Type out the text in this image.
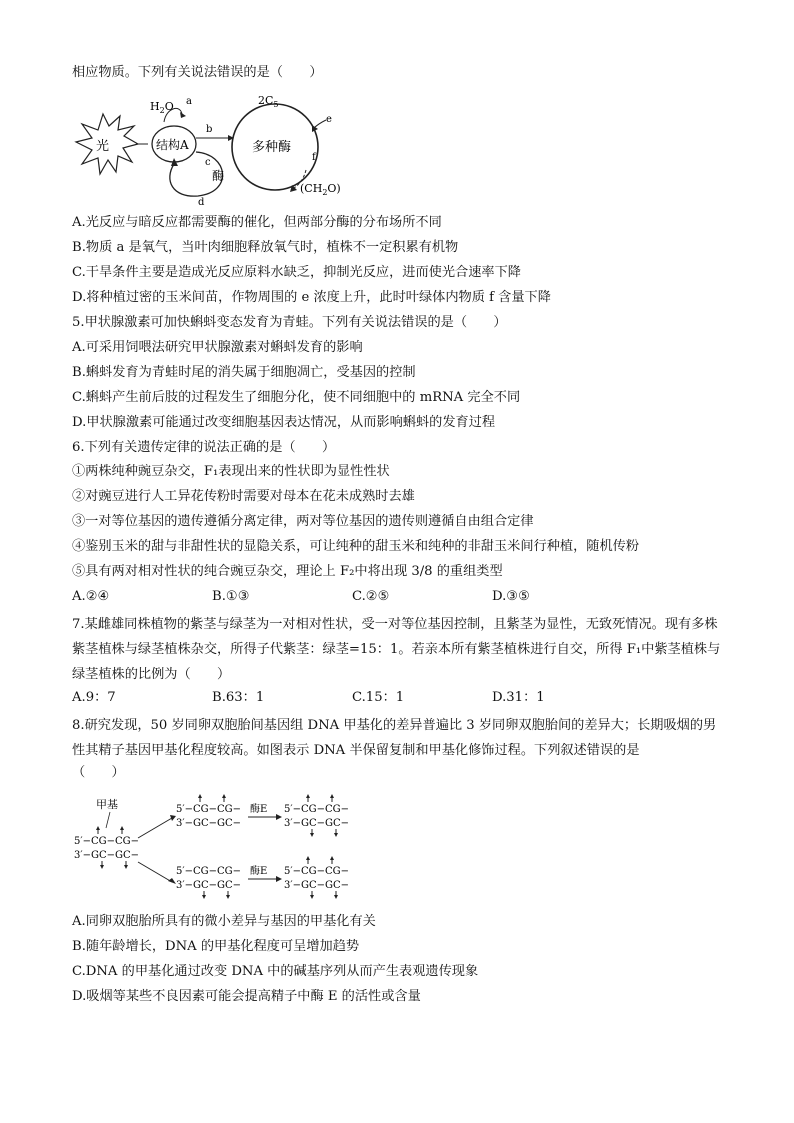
相应物质。下列有关说法错误的是（　　）
光	结构A
$H_2O$ a
b
c
d
酶
多种酶
$2C_5$
e
f
$(CH_2O)$
A.光反应与暗反应都需要酶的催化，但两部分酶的分布场所不同
B.物质 a 是氧气，当叶肉细胞释放氧气时，植株不一定积累有机物
C.干旱条件主要是造成光反应原料水缺乏，抑制光反应，进而使光合速率下降
D.将种植过密的玉米间苗，作物周围的 e 浓度上升，此时叶绿体内物质 f 含量下降
5.甲状腺激素可加快蝌蚪变态发育为青蛙。下列有关说法错误的是（　　）
A.可采用饲喂法研究甲状腺激素对蝌蚪发育的影响
B.蝌蚪发育为青蛙时尾的消失属于细胞凋亡，受基因的控制
C.蝌蚪产生前后肢的过程发生了细胞分化，使不同细胞中的 mRNA 完全不同
D.甲状腺激素可能通过改变细胞基因表达情况，从而影响蝌蚪的发育过程
6.下列有关遗传定律的说法正确的是（　　）
①两株纯种豌豆杂交，F₁表现出来的性状即为显性性状
②对豌豆进行人工异花传粉时需要对母本在花未成熟时去雄
③一对等位基因的遗传遵循分离定律，两对等位基因的遗传则遵循自由组合定律
④鉴别玉米的甜与非甜性状的显隐关系，可让纯种的甜玉米和纯种的非甜玉米间行种植，随机传粉
⑤具有两对相对性状的纯合豌豆杂交，理论上 F₂中将出现 3/8 的重组类型
A.②④	B.①③	C.②⑤	D.③⑤
7.某雌雄同株植物的紫茎与绿茎为一对相对性状，受一对等位基因控制，且紫茎为显性，无致死情况。现有多株紫茎植株与绿茎植株杂交，所得子代紫茎：绿茎=15：1。若亲本所有紫茎植株进行自交，所得 F₁中紫茎植株与绿茎植株的比例为（　　）
A.9：7	B.63：1	C.15：1	D.31：1
8.研究发现，50 岁同卵双胞胎间基因组 DNA 甲基化的差异普遍比 3 岁同卵双胞胎间的差异大；长期吸烟的男性其精子基因甲基化程度较高。如图表示 DNA 半保留复制和甲基化修饰过程。下列叙述错误的是
（　　）
甲基
5′−CG−CG−
3′−GC−GC−
5′−CG−CG−
3′−GC−GC−
酶E 5′−CG−CG−
3′−GC−GC−
5′−CG−CG−
3′−GC−GC−
酶E 5′−CG−CG−
3′−GC−GC−
A.同卵双胞胎所具有的微小差异与基因的甲基化有关
B.随年龄增长，DNA 的甲基化程度可呈增加趋势
C.DNA 的甲基化通过改变 DNA 中的碱基序列从而产生表观遗传现象
D.吸烟等某些不良因素可能会提高精子中酶 E 的活性或含量
